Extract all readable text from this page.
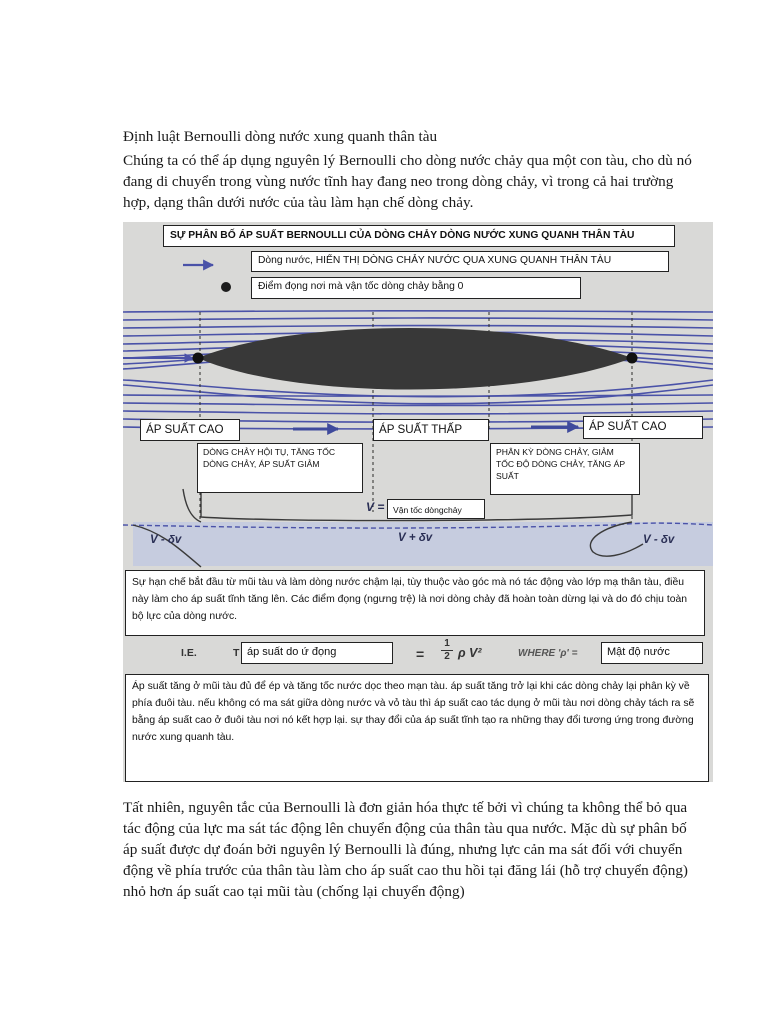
Định luật Bernoulli dòng nước xung quanh thân tàu
Chúng ta có thể áp dụng nguyên lý Bernoulli cho dòng nước chảy qua một con tàu, cho dù nó đang di chuyển trong vùng nước tĩnh hay đang neo trong dòng chảy, vì trong cả hai trường hợp, dạng thân dưới nước của tàu làm hạn chế dòng chảy.
SỰ PHÂN BỐ ÁP SUẤT BERNOULLI CỦA DÒNG CHẢY DÒNG NƯỚC XUNG QUANH THÂN TÀU
Dòng nước, HIỂN THỊ DÒNG CHẢY NƯỚC QUA XUNG QUANH THÂN TÀU
Điểm đọng nơi mà vận tốc dòng chảy bằng 0
ÁP SUẤT CAO	ÁP SUẤT THẤP	ÁP SUẤT CAO
DÒNG CHẢY HỘI TỤ, TĂNG TỐC DÒNG CHẢY, ÁP SUẤT GIẢM
PHÂN KỲ DÒNG CHẢY, GIẢM TỐC ĐỘ DÒNG CHẢY, TĂNG ÁP SUẤT
V =	Vận tốc dòngchảy
V - δv	V + δv	V - δv
Sự hạn chế bắt đầu từ mũi tàu và làm dòng nước chậm lại, tùy thuộc vào góc mà nó tác động vào lớp mạ thân tàu, điều này làm cho áp suất tĩnh tăng lên. Các điểm đọng (ngưng trệ) là nơi dòng chảy đã hoàn toàn dừng lại và do đó chịu toàn bộ lực của dòng nước.
I.E.	T áp suất do ứ đọng	= $\frac{1}{2}$ ρ V²	WHERE 'ρ' =	Mật độ nước
Áp suất tăng ở mũi tàu đủ để ép và tăng tốc nước dọc theo mạn tàu. áp suất tăng trở lại khi các dòng chảy lại phân kỳ về phía đuôi tàu. nếu không có ma sát giữa dòng nước và vỏ tàu thì áp suất cao tác dụng ở mũi tàu nơi dòng chảy tách ra sẽ bằng áp suất cao ở đuôi tàu nơi nó kết hợp lại. sự thay đổi của áp suất tĩnh tạo ra những thay đổi tương ứng trong đường nước xung quanh tàu.
Tất nhiên, nguyên tắc của Bernoulli là đơn giản hóa thực tế bởi vì chúng ta không thể bỏ qua tác động của lực ma sát tác động lên chuyển động của thân tàu qua nước. Mặc dù sự phân bố áp suất được dự đoán bởi nguyên lý Bernoulli là đúng, nhưng lực cản ma sát đối với chuyển động về phía trước của thân tàu làm cho áp suất cao thu hồi tại đăng lái (hỗ trợ chuyển động) nhỏ hơn áp suất cao tại mũi tàu (chống lại chuyển động)
